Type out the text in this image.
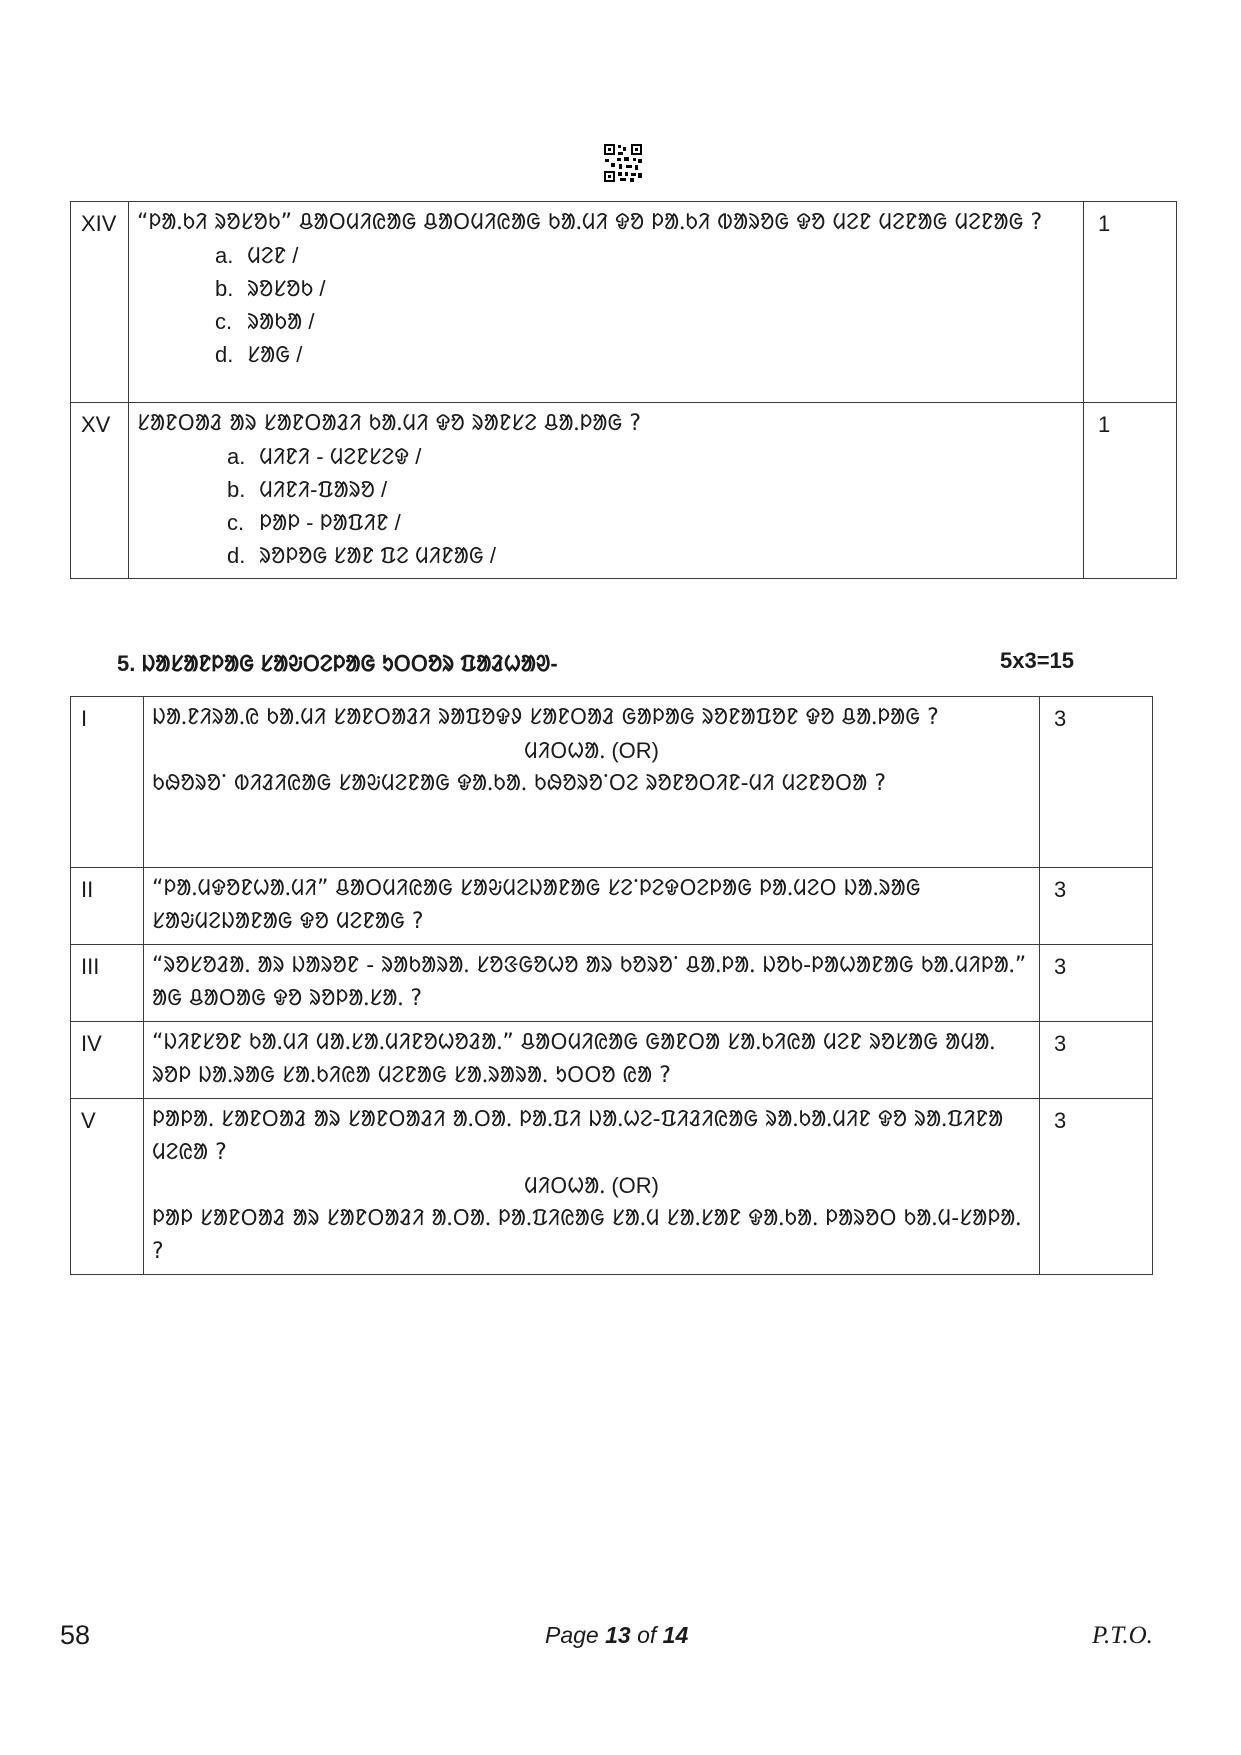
XIV	“ᱞᱟᱹᱠᱤ ᱨᱚᱥᱚᱠ” ᱪᱟᱛᱢᱤᱭᱟᱜ ᱪᱟᱛᱢᱤᱭᱟᱜ ᱠᱟᱹᱢᱤ ᱫᱚ ᱞᱟᱹᱠᱤ ᱵᱟᱨᱚᱜ ᱫᱚ ᱢᱮᱱ ᱢᱮᱱᱟᱜ ᱢᱮᱱᱟᱜ ?
a. ᱢᱮᱱ /
b. ᱨᱚᱥᱚᱠ /
c. ᱨᱟᱠᱟ /
d. ᱥᱟᱜ /	1
XV	ᱥᱟᱱᱛᱟᱲ ᱟᱨ ᱥᱟᱱᱛᱟᱲᱤ ᱠᱟᱹᱢᱤ ᱫᱚ ᱨᱟᱱᱥᱮ ᱪᱟᱹᱞᱟᱜ ?
a. ᱢᱤᱱᱤ - ᱢᱮᱱᱥᱮᱫ /
b. ᱢᱤᱱᱤ-ᱯᱟᱨᱚ /
c. ᱞᱟᱞ - ᱞᱟᱯᱤᱱ /
d. ᱨᱚᱞᱚᱜ ᱥᱟᱱ ᱯᱮ ᱢᱤᱱᱟᱜ /	1
5. ᱡᱟᱥᱟᱱᱞᱟᱜ ᱥᱟᱶᱛᱮᱞᱟᱜ ᱩᱛᱛᱚᱨ ᱯᱟᱲᱦᱟᱣ-	5x3=15
I	ᱡᱟᱹᱱᱤᱨᱟᱹᱭ ᱠᱟᱹᱢᱤ ᱥᱟᱱᱛᱟᱲᱤ ᱨᱟᱯᱚᱫᱽ ᱥᱟᱱᱛᱟᱲ ᱜᱟᱞᱟᱜ ᱨᱚᱱᱟᱯᱚᱱ ᱫᱚ ᱪᱟᱹᱞᱟᱜ ?
ᱢᱤᱛᱦᱟᱹ (OR)
ᱠᱷᱚᱨᱚᱸ ᱵᱤᱲᱤᱭᱟᱜ ᱥᱟᱶᱢᱮᱱᱟᱜ ᱫᱟᱹᱠᱟᱹ ᱠᱷᱚᱨᱚᱸᱛᱮ ᱨᱚᱱᱚᱛᱤᱱ-ᱢᱤ ᱢᱮᱱᱚᱛᱟ ?	3
II	“ᱞᱟᱹᱢᱫᱚᱱᱦᱟᱹᱢᱤ” ᱪᱟᱛᱢᱤᱭᱟᱜ ᱥᱟᱶᱢᱮᱡᱟᱱᱟᱜ ᱥᱮᱸᱞᱮᱫᱛᱮᱞᱟᱜ ᱞᱟᱹᱢᱮᱛ ᱡᱟᱹᱨᱟᱜ ᱥᱟᱶᱢᱮᱡᱟᱱᱟᱜ ᱫᱚ ᱢᱮᱱᱟᱜ ?	3
III	“ᱨᱚᱥᱚᱲᱟᱹ ᱟᱨ ᱡᱟᱨᱚᱱ - ᱨᱟᱠᱟᱨᱟᱹ ᱥᱚᱝᱜᱚᱦᱚ ᱟᱨ ᱠᱚᱨᱚᱸ ᱪᱟᱹᱞᱟᱹ ᱡᱚᱠ-ᱞᱟᱦᱟᱱᱟᱜ ᱠᱟᱹᱢᱤᱞᱟᱹ” ᱟᱜ ᱪᱟᱛᱟᱜ ᱫᱚ ᱨᱚᱞᱟᱹᱥᱟᱹ ?	3
IV	“ᱡᱤᱱᱥᱚᱱ ᱠᱟᱹᱢᱤ ᱢᱟᱹᱥᱟᱹᱢᱤᱱᱚᱦᱚᱲᱟᱹ” ᱪᱟᱛᱢᱤᱭᱟᱜ ᱜᱟᱱᱛᱟ ᱥᱟᱹᱠᱤᱭᱟ ᱢᱮᱱ ᱨᱚᱥᱟᱜ ᱟᱢᱟᱹ ᱨᱚᱞ ᱡᱟᱹᱨᱟᱜ ᱥᱟᱹᱠᱤᱭᱟ ᱢᱮᱱᱟᱜ ᱥᱟᱹᱨᱟᱨᱟᱹ ᱩᱛᱛᱚ ᱭᱟ ?	3
V	ᱞᱟᱞᱟᱹ ᱥᱟᱱᱛᱟᱲ ᱟᱨ ᱥᱟᱱᱛᱟᱲᱤ ᱟᱹᱛᱟᱹ ᱞᱟᱹᱯᱤ ᱡᱟᱹᱦᱮ-ᱯᱤᱲᱤᱭᱟᱜ ᱨᱟᱹᱠᱟᱹᱢᱤᱱ ᱫᱚ ᱨᱟᱹᱯᱤᱱᱟ ᱢᱮᱭᱟ ?
ᱢᱤᱛᱦᱟᱹ (OR)
ᱞᱟᱞ ᱥᱟᱱᱛᱟᱲ ᱟᱨ ᱥᱟᱱᱛᱟᱲᱤ ᱟᱹᱛᱟᱹ ᱞᱟᱹᱯᱤᱭᱟᱜ ᱥᱟᱹᱢ ᱥᱟᱹᱥᱟᱱ ᱫᱟᱹᱠᱟᱹ ᱞᱟᱨᱚᱛ ᱠᱟᱹᱢ-ᱥᱟᱞᱟᱹ ?	3
58	Page 13 of 14	P.T.O.
